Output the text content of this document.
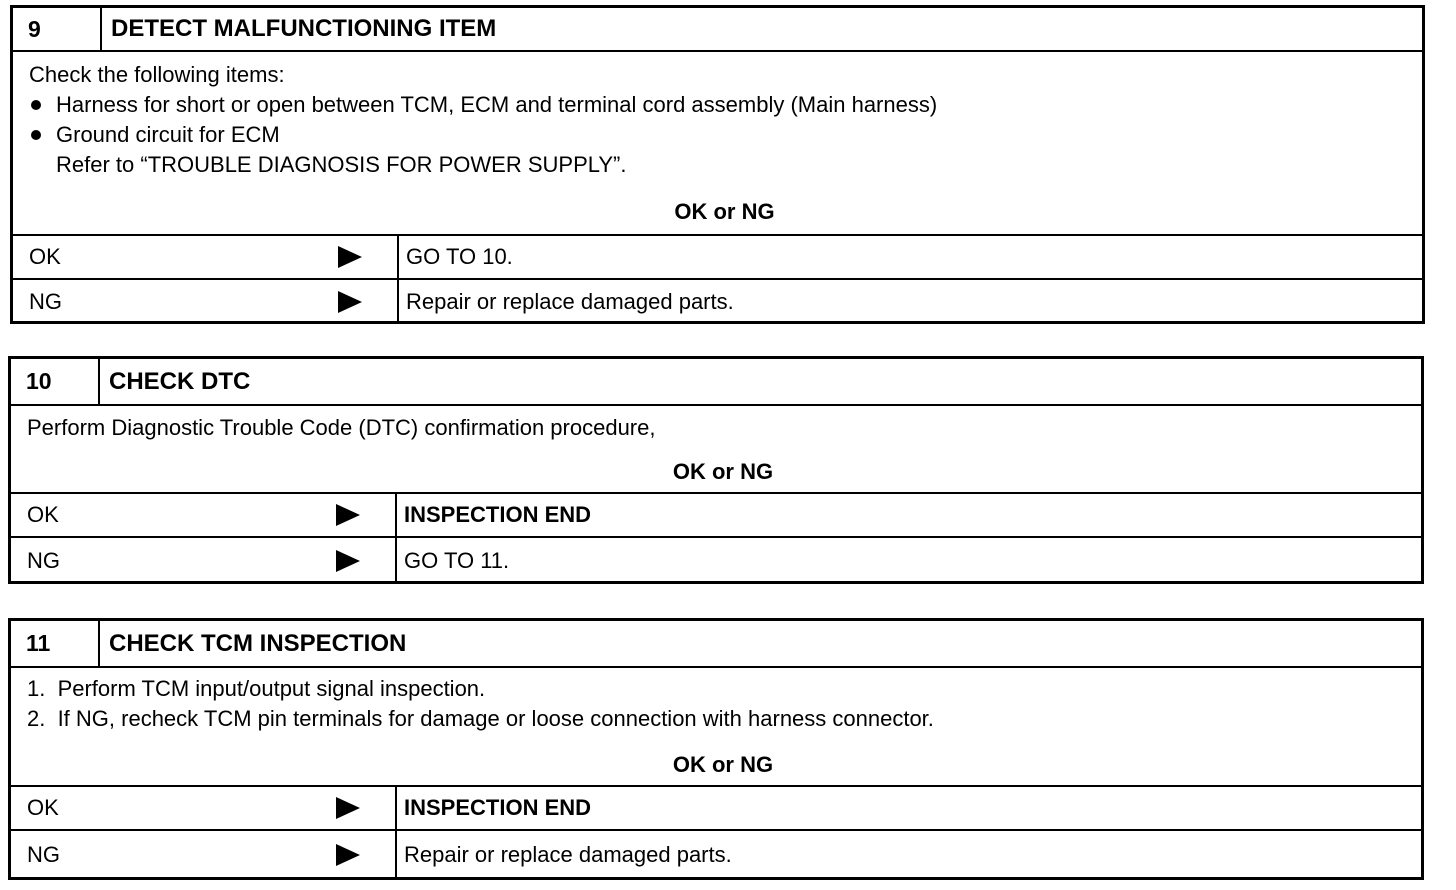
9	DETECT MALFUNCTIONING ITEM
Check the following items:
Harness for short or open between TCM, ECM and terminal cord assembly (Main harness)
Ground circuit for ECM
Refer to “TROUBLE DIAGNOSIS FOR POWER SUPPLY”.
OK or NG
OK	GO TO 10.
NG	Repair or replace damaged parts.
10	CHECK DTC
Perform Diagnostic Trouble Code (DTC) confirmation procedure,
OK or NG
OK	INSPECTION END
NG	GO TO 11.
11	CHECK TCM INSPECTION
1.  Perform TCM input/output signal inspection.
2.  If NG, recheck TCM pin terminals for damage or loose connection with harness connector.
OK or NG
OK	INSPECTION END
NG	Repair or replace damaged parts.
